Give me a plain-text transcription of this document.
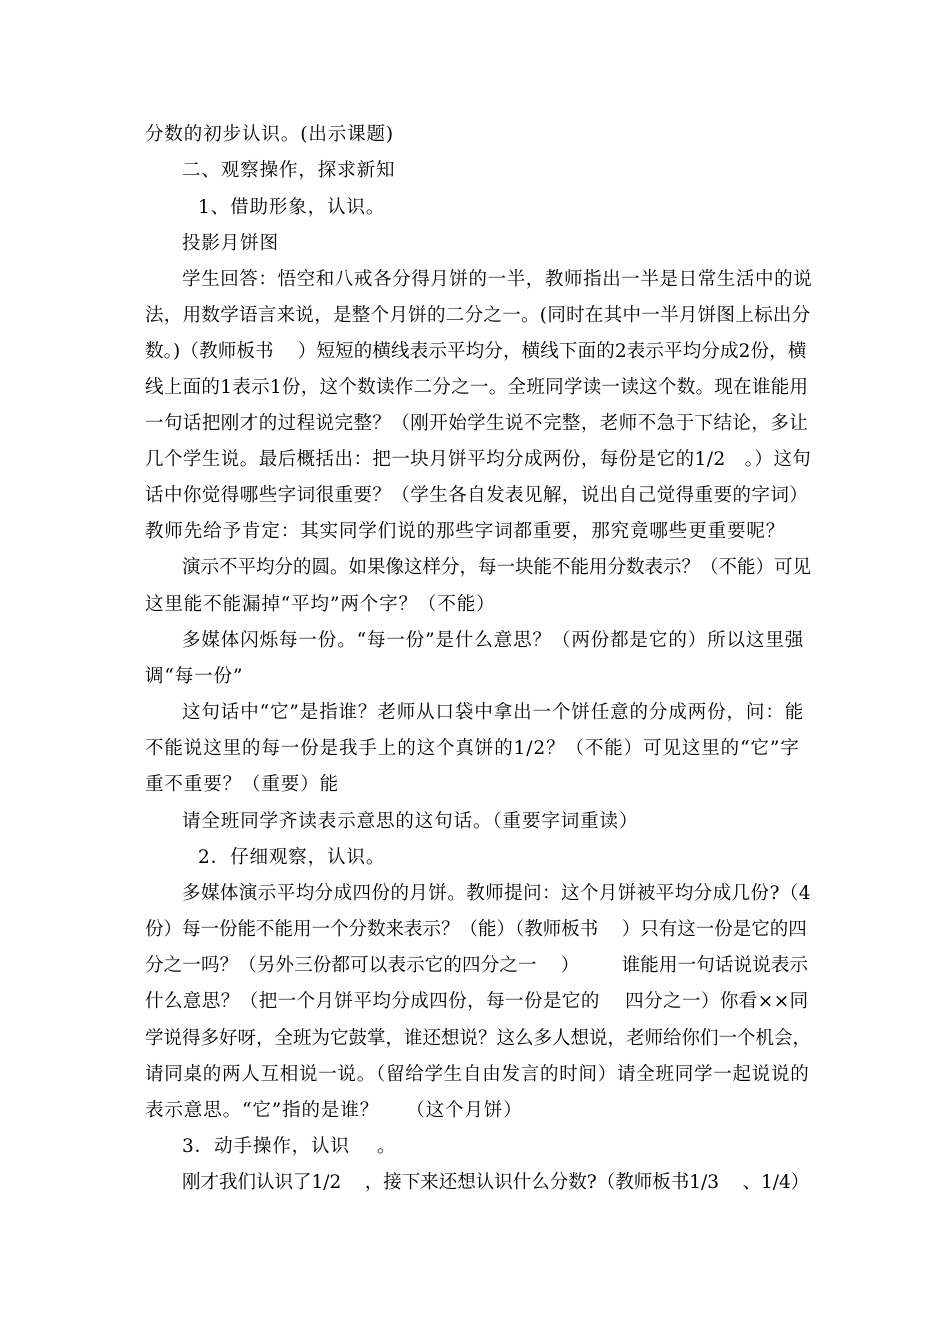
分数的初步认识。(出示课题)
二、观察操作，探求新知
1、借助形象，认识。
投影月饼图
学生回答：悟空和八戒各分得月饼的一半，教师指出一半是日常生活中的说
法，用数学语言来说，是整个月饼的二分之一。(同时在其中一半月饼图上标出分
数。)（教师板书    ）短短的横线表示平均分，横线下面的2表示平均分成2份，横
线上面的1表示1份，这个数读作二分之一。全班同学读一读这个数。现在谁能用
一句话把刚才的过程说完整？（刚开始学生说不完整，老师不急于下结论，多让
几个学生说。最后概括出：把一块月饼平均分成两份，每份是它的1/2   。）这句
话中你觉得哪些字词很重要？（学生各自发表见解，说出自己觉得重要的字词）
教师先给予肯定：其实同学们说的那些字词都重要，那究竟哪些更重要呢？
演示不平均分的圆。如果像这样分，每一块能不能用分数表示？（不能）可见
这里能不能漏掉“平均”两个字？（不能）
多媒体闪烁每一份。“每一份”是什么意思？（两份都是它的）所以这里强
调“每一份”
这句话中“它”是指谁？老师从口袋中拿出一个饼任意的分成两份，问：能
不能说这里的每一份是我手上的这个真饼的1/2？（不能）可见这里的“它”字
重不重要？（重要）能
请全班同学齐读表示意思的这句话。（重要字词重读）
2．仔细观察，认识。
多媒体演示平均分成四份的月饼。教师提问：这个月饼被平均分成几份?（4
份）每一份能不能用一个分数来表示？（能）（教师板书    ）只有这一份是它的四
分之一吗？（另外三份都可以表示它的四分之一    ）       谁能用一句话说说表示
什么意思？（把一个月饼平均分成四份，每一份是它的    四分之一）你看××同
学说得多好呀，全班为它鼓掌，谁还想说？这么多人想说，老师给你们一个机会，
请同桌的两人互相说一说。（留给学生自由发言的时间）请全班同学一起说说的
表示意思。“它”指的是谁？    （这个月饼）
3．动手操作，认识    。
刚才我们认识了1/2    ，接下来还想认识什么分数?（教师板书1/3    、1/4）
